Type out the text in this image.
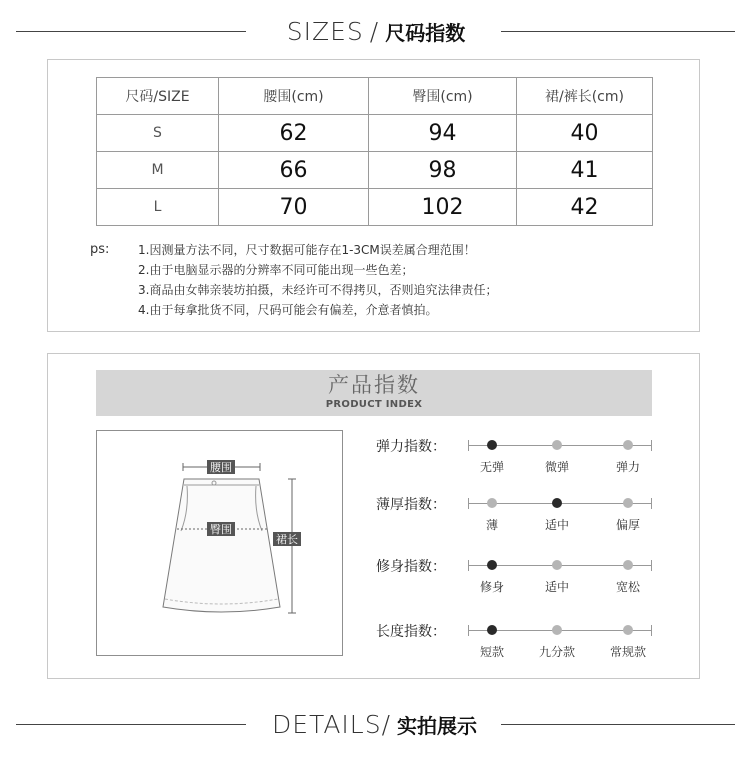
SIZES / 尺码指数
尺码/SIZE	腰围(cm)	臀围(cm)	裙/裤长(cm)
S	62	94	40
M	66	98	41
L	70	102	42
ps: 1.因测量方法不同，尺寸数据可能存在1-3CM误差属合理范围！
2.由于电脑显示器的分辨率不同可能出现一些色差；
3.商品由女韩亲装坊拍摄，未经许可不得拷贝，否则追究法律责任；
4.由于每拿批货不同，尺码可能会有偏差，介意者慎拍。
产品指数
PRODUCT INDEX
腰围
臀围
裙长
弹力指数：
无弹	微弹	弹力
薄厚指数：
薄	适中	偏厚
修身指数：
修身	适中	宽松
长度指数：
短款	九分款	常规款
DETAILS / 实拍展示
